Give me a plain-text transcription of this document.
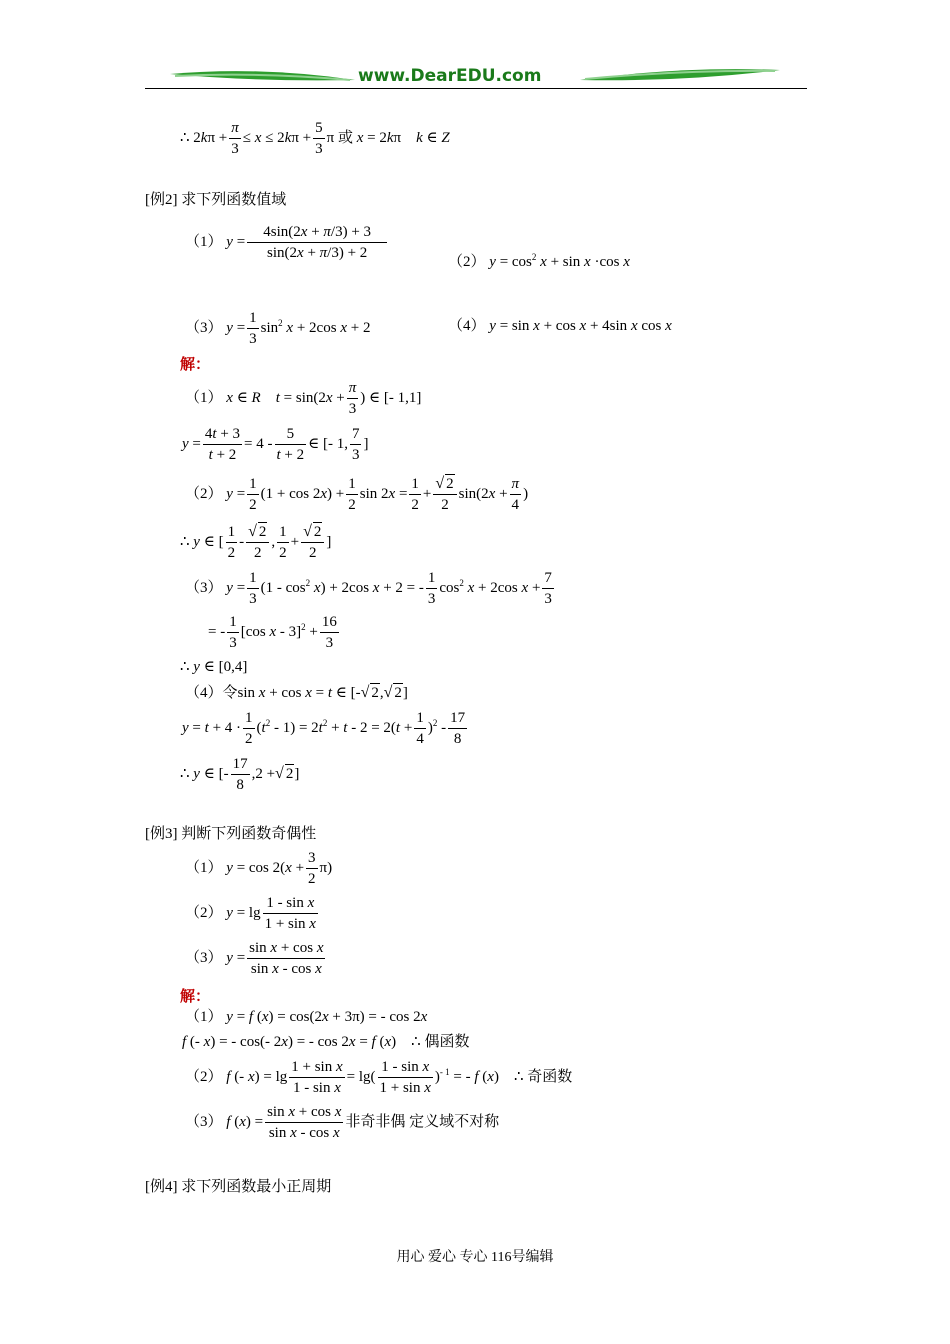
www.DearEDU.com
∴ $2k\pi + \frac{\pi}{3} \le x \le 2k\pi + \frac{5}{3}$ π 或 x = 2kπ    k ∈ Z
[例2] 求下列函数值域
（1） $y = \frac{4\sin(2x + \pi/3) + 3}{\sin(2x + \pi/3) + 2}$	（2） $y = \cos^2 x + \sin x \cdot\cos$ x
（3） $y = \frac{1}{3} \sin^2 x + 2\cos$ x + 2	（4） y = sin x + cos x + 4sin x cos x
解：
（1） x ∈ R $t = \sin(2x + \frac{\pi}{3}$ ) ∈ [- 1,1]
$y = \frac{4t + 3}{t + 2} = 4 - \frac{5}{t + 2}$ ∈ [- 1, $\frac{7}{3}$ ]
（2） $y = \frac{1}{2} (1 + \cos 2x) + \frac{1}{2}$ $\sin 2x = \frac{1}{2} + \frac{√ 2}{2} \sin(2x + \frac{\pi}{4}$ )
∴ y ∈ [ $\frac{1}{2} - \frac{√ 2}{2}$ , $\frac{1}{2} + \frac{√ 2}{2}$ ]
（3） $y = \frac{1}{3} (1 - \cos^2 x) + 2\cos$ x + 2 = - $\frac{1}{3} \cos^2 x + 2\cos$ $x + \frac{7}{3}$
= - $\frac{1}{3} [\cos$ $x - 3]^2 + \frac{16}{3}$
∴ y ∈ [0,4]
（4）令sin x + cos x = t ∈ [-√ 2,√ 2]
$y = t + 4 \cdot \frac{1}{2} (t^2 - 1) = 2t^2 + t - 2 = 2(t + \frac{1}{4} )^2 - \frac{17}{8}$
∴ y ∈ [- $\frac{17}{8} ,2$ +√ 2]
[例3] 判断下列函数奇偶性
（1） $y = \cos 2(x + \frac{3}{2} \pi)$
（2） $y = \lg \frac{\text{1 - sin x}}{\text{1 + sin x}}$
（3） $y = \frac{\text{sin x + cos x}}{\text{sin x - cos x}}$
解：
（1） y = f (x) = cos(2x + 3π) = - cos 2x
f (- x) = - cos(- 2x) = - cos 2x = f (x)    ∴ 偶函数
（2） f (- $x) = \lg \frac{\text{1 + sin x}}{\text{1 - sin x}} = \lg( \frac{\text{1 - sin x}}{\text{1 + sin x}} )^{- 1}$ = - f (x)    ∴ 奇函数
（3） f $(x) = \frac{\text{sin x + cos x}}{\text{sin x - cos x}}$ 非奇非偶 定义域不对称
[例4] 求下列函数最小正周期
用心 爱心 专心 116号编辑
